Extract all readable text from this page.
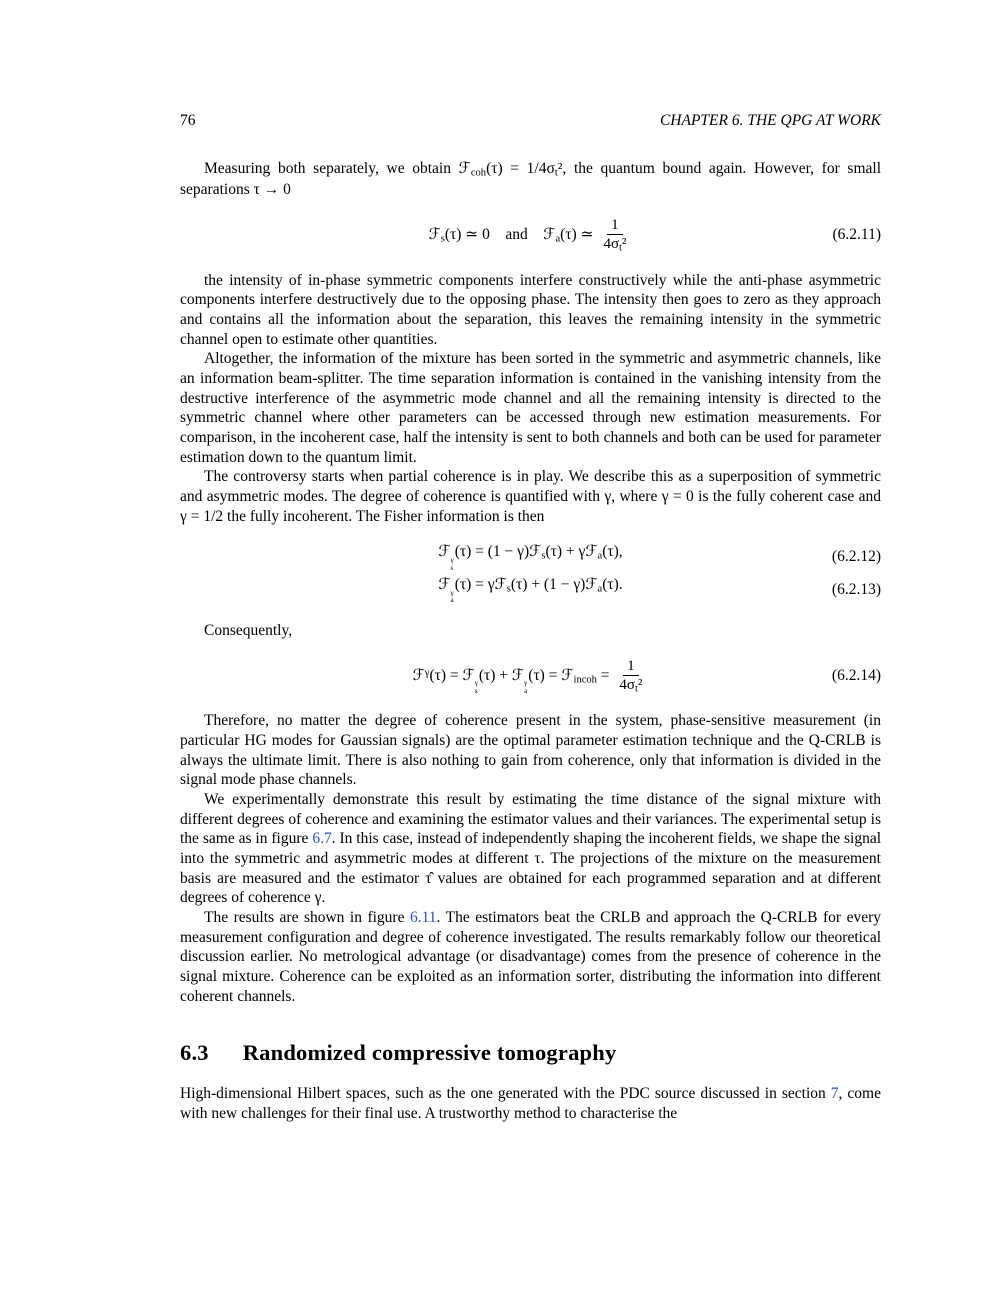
76	CHAPTER 6. THE QPG AT WORK

Measuring both separately, we obtain ℱ$_{coh}$(τ) = $1/4\sigma_t^2$, the quantum bound again. However, for small separations τ → 0

ℱ$_s$(τ) ≃ 0 and ℱ$_a$(τ) ≃ $\frac{1}{4\sigma_t^2}$	(6.2.11)

the intensity of in-phase symmetric components interfere constructively while the anti-phase asymmetric components interfere destructively due to the opposing phase. The intensity then goes to zero as they approach and contains all the information about the separation, this leaves the remaining intensity in the symmetric channel open to estimate other quantities.

Altogether, the information of the mixture has been sorted in the symmetric and asymmetric channels, like an information beam-splitter. The time separation information is contained in the vanishing intensity from the destructive interference of the asymmetric mode channel and all the remaining intensity is directed to the symmetric channel where other parameters can be accessed through new estimation measurements. For comparison, in the incoherent case, half the intensity is sent to both channels and both can be used for parameter estimation down to the quantum limit.

The controversy starts when partial coherence is in play. We describe this as a superposition of symmetric and asymmetric modes. The degree of coherence is quantified with γ, where γ = 0 is the fully coherent case and γ = 1/2 the fully incoherent. The Fisher information is then

ℱ γ
s
(τ) = (1 − γ)ℱ$_s$(τ) + γℱ$_a$(τ),	(6.2.12)
ℱ γ
a
(τ) = γℱ$_s$(τ) + (1 − γ)ℱ$_a$(τ).	(6.2.13)

Consequently,

ℱ$^\gamma$(τ) = ℱ γ
s
(τ) + ℱ γ
a
(τ) = ℱ$_{incoh}$ = $\frac{1}{4\sigma_t^2}$	(6.2.14)

Therefore, no matter the degree of coherence present in the system, phase-sensitive measurement (in particular HG modes for Gaussian signals) are the optimal parameter estimation technique and the Q-CRLB is always the ultimate limit. There is also nothing to gain from coherence, only that information is divided in the signal mode phase channels.

We experimentally demonstrate this result by estimating the time distance of the signal mixture with different degrees of coherence and examining the estimator values and their variances. The experimental setup is the same as in figure 6.7. In this case, instead of independently shaping the incoherent fields, we shape the signal into the symmetric and asymmetric modes at different τ. The projections of the mixture on the measurement basis are measured and the estimator τ̂ values are obtained for each programmed separation and at different degrees of coherence γ.

The results are shown in figure 6.11. The estimators beat the CRLB and approach the Q-CRLB for every measurement configuration and degree of coherence investigated. The results remarkably follow our theoretical discussion earlier. No metrological advantage (or disadvantage) comes from the presence of coherence in the signal mixture. Coherence can be exploited as an information sorter, distributing the information into different coherent channels.

6.3 Randomized compressive tomography

High-dimensional Hilbert spaces, such as the one generated with the PDC source discussed in section 7, come with new challenges for their final use. A trustworthy method to characterise the
